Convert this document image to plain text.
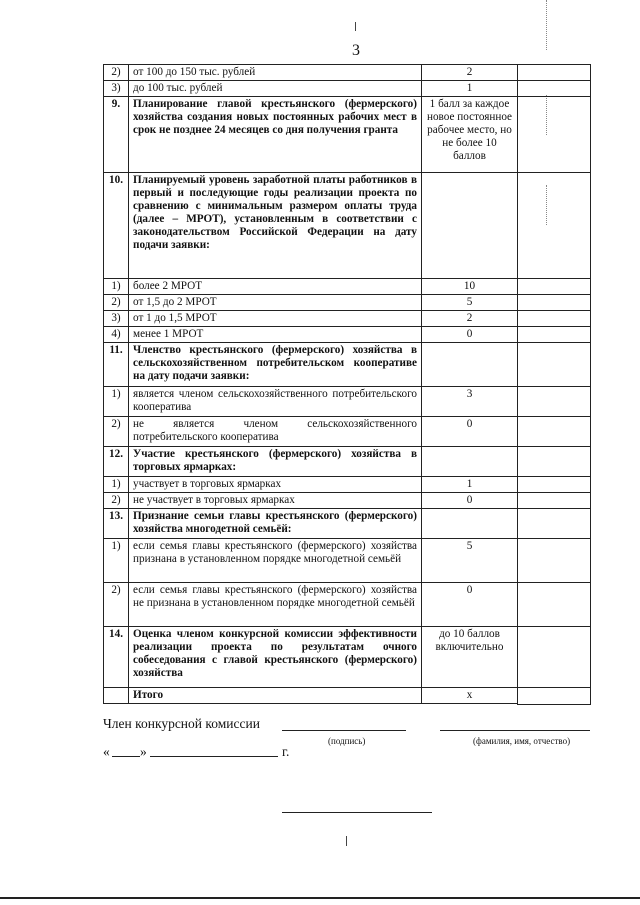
3
2)	от 100 до 150 тыс. рублей	2
3)	до 100 тыс. рублей	1
9.	Планирование главой крестьянского (фермерского) хозяйства создания новых постоянных рабочих мест в срок не позднее 24 месяцев со дня получения гранта	1 балл за каждое новое постоянное рабочее место, но не более 10 баллов
10.	Планируемый уровень заработной платы работников в первый и последующие годы реализации проекта по сравнению с минимальным размером оплаты труда (далее – МРОТ), установленным в соответствии с законодательством Российской Федерации на дату подачи заявки:	
1)	более 2 МРОТ	10
2)	от 1,5 до 2 МРОТ	5
3)	от 1 до 1,5 МРОТ	2
4)	менее 1 МРОТ	0
11.	Членство крестьянского (фермерского) хозяйства в сельскохозяйственном потребительском кооперативе на дату подачи заявки:	
1)	является членом сельскохозяйственного потребительского кооператива	3
2)	не является членом сельскохозяйственного потребительского кооператива	0
12.	Участие крестьянского (фермерского) хозяйства в торговых ярмарках:	
1)	участвует в торговых ярмарках	1
2)	не участвует в торговых ярмарках	0
13.	Признание семьи главы крестьянского (фермерского) хозяйства многодетной семьёй:	
1)	если семья главы крестьянского (фермерского) хозяйства признана в установленном порядке многодетной семьёй	5
2)	если семья главы крестьянского (фермерского) хозяйства не признана в установленном порядке многодетной семьёй	0
14.	Оценка членом конкурсной комиссии эффективности реализации проекта по результатам очного собеседования с главой крестьянского (фермерского) хозяйства	до 10 баллов включительно
	Итого	х
Член конкурсной комиссии
(подпись)	(фамилия, имя, отчество)
« »	г.
